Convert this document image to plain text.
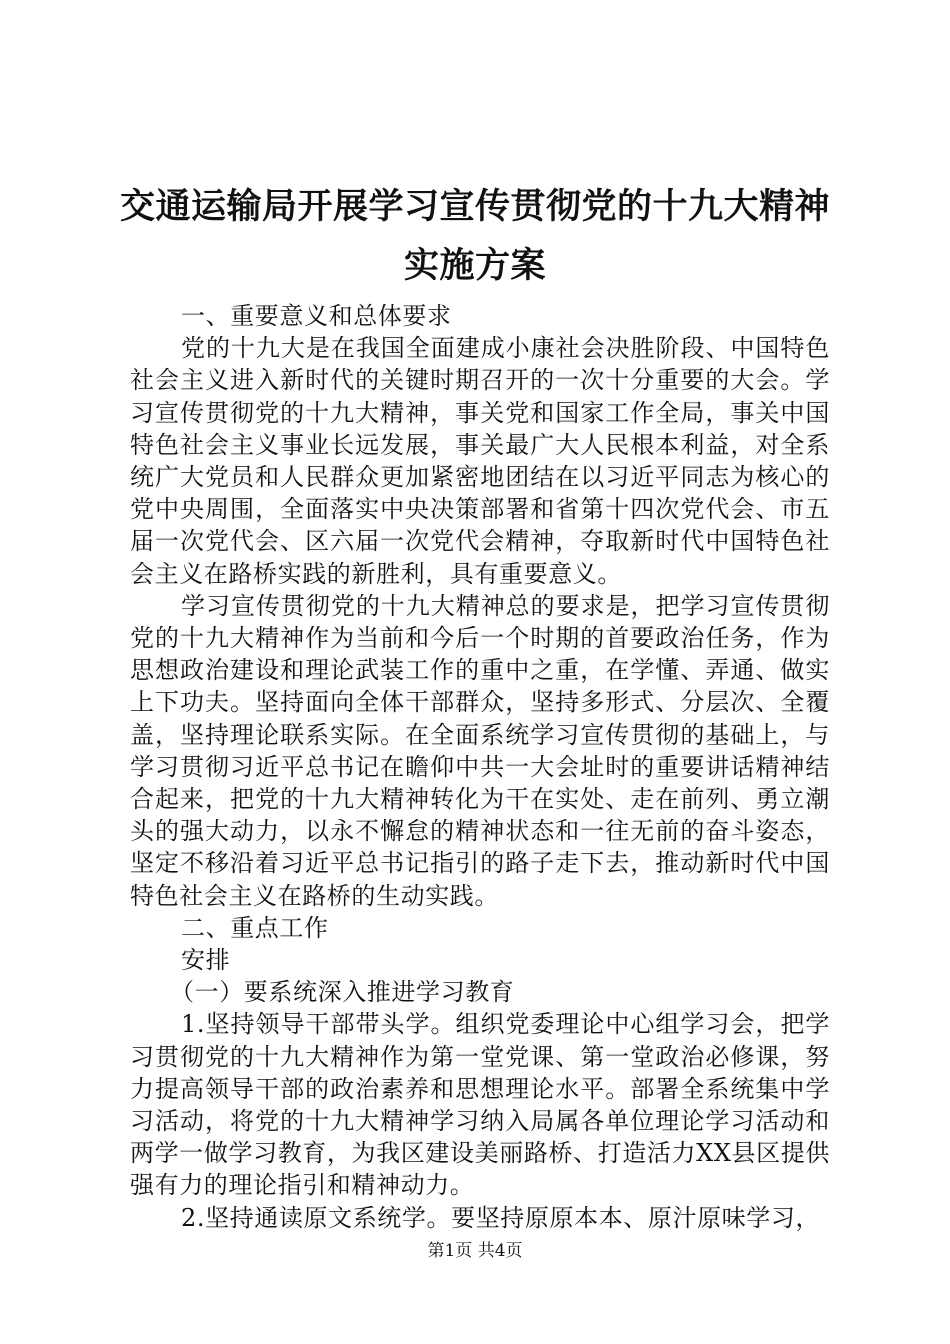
交通运输局开展学习宣传贯彻党的十九大精神
实施方案

一、重要意义和总体要求

党的十九大是在我国全面建成小康社会决胜阶段、中国特色社会主义进入新时代的关键时期召开的一次十分重要的大会。学习宣传贯彻党的十九大精神，事关党和国家工作全局，事关中国特色社会主义事业长远发展，事关最广大人民根本利益，对全系统广大党员和人民群众更加紧密地团结在以习近平同志为核心的党中央周围，全面落实中央决策部署和省第十四次党代会、市五届一次党代会、区六届一次党代会精神，夺取新时代中国特色社会主义在路桥实践的新胜利，具有重要意义。

学习宣传贯彻党的十九大精神总的要求是，把学习宣传贯彻党的十九大精神作为当前和今后一个时期的首要政治任务，作为思想政治建设和理论武装工作的重中之重，在学懂、弄通、做实上下功夫。坚持面向全体干部群众，坚持多形式、分层次、全覆盖，坚持理论联系实际。在全面系统学习宣传贯彻的基础上，与学习贯彻习近平总书记在瞻仰中共一大会址时的重要讲话精神结合起来，把党的十九大精神转化为干在实处、走在前列、勇立潮头的强大动力，以永不懈怠的精神状态和一往无前的奋斗姿态，坚定不移沿着习近平总书记指引的路子走下去，推动新时代中国特色社会主义在路桥的生动实践。

二、重点工作

安排

（一）要系统深入推进学习教育

1.坚持领导干部带头学。组织党委理论中心组学习会，把学习贯彻党的十九大精神作为第一堂党课、第一堂政治必修课，努力提高领导干部的政治素养和思想理论水平。部署全系统集中学习活动，将党的十九大精神学习纳入局属各单位理论学习活动和两学一做学习教育，为我区建设美丽路桥、打造活力XX县区提供强有力的理论指引和精神动力。

2.坚持通读原文系统学。要坚持原原本本、原汁原味学习，

第1页 共4页
